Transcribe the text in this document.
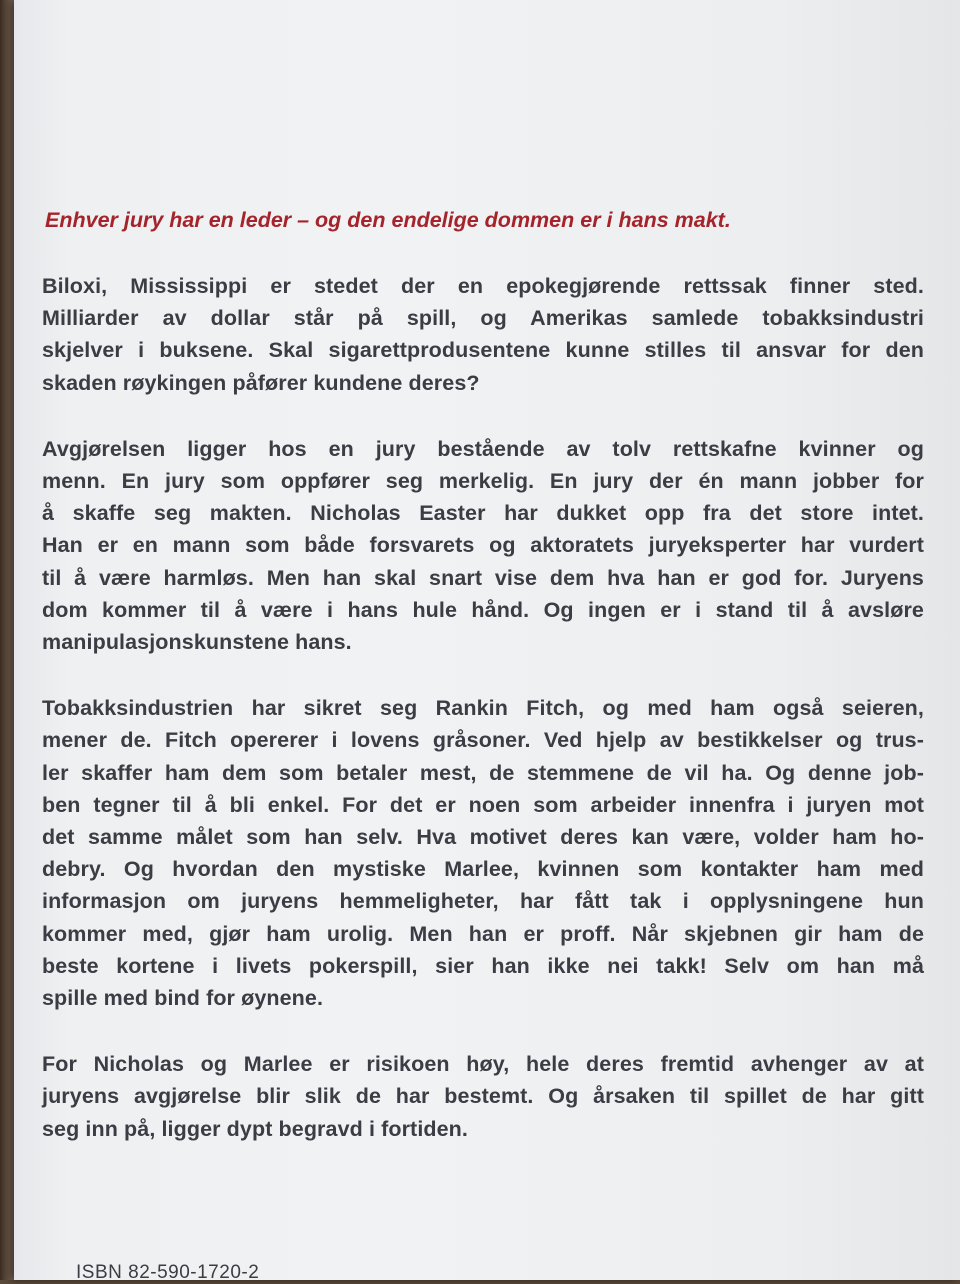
Enhver jury har en leder – og den endelige dommen er i hans makt.
Biloxi, Mississippi er stedet der en epokegjørende rettssak finner sted.
Milliarder av dollar står på spill, og Amerikas samlede tobakksindustri
skjelver i buksene. Skal sigarettprodusentene kunne stilles til ansvar for den
skaden røykingen påfører kundene deres?
Avgjørelsen ligger hos en jury bestående av tolv rettskafne kvinner og
menn. En jury som oppfører seg merkelig. En jury der én mann jobber for
å skaffe seg makten. Nicholas Easter har dukket opp fra det store intet.
Han er en mann som både forsvarets og aktoratets juryeksperter har vurdert
til å være harmløs. Men han skal snart vise dem hva han er god for. Juryens
dom kommer til å være i hans hule hånd. Og ingen er i stand til å avsløre
manipulasjonskunstene hans.
Tobakksindustrien har sikret seg Rankin Fitch, og med ham også seieren,
mener de. Fitch opererer i lovens gråsoner. Ved hjelp av bestikkelser og trus-
ler skaffer ham dem som betaler mest, de stemmene de vil ha. Og denne job-
ben tegner til å bli enkel. For det er noen som arbeider innenfra i juryen mot
det samme målet som han selv. Hva motivet deres kan være, volder ham ho-
debry. Og hvordan den mystiske Marlee, kvinnen som kontakter ham med
informasjon om juryens hemmeligheter, har fått tak i opplysningene hun
kommer med, gjør ham urolig. Men han er proff. Når skjebnen gir ham de
beste kortene i livets pokerspill, sier han ikke nei takk! Selv om han må
spille med bind for øynene.
For Nicholas og Marlee er risikoen høy, hele deres fremtid avhenger av at
juryens avgjørelse blir slik de har bestemt. Og årsaken til spillet de har gitt
seg inn på, ligger dypt begravd i fortiden.
ISBN 82-590-1720-2
